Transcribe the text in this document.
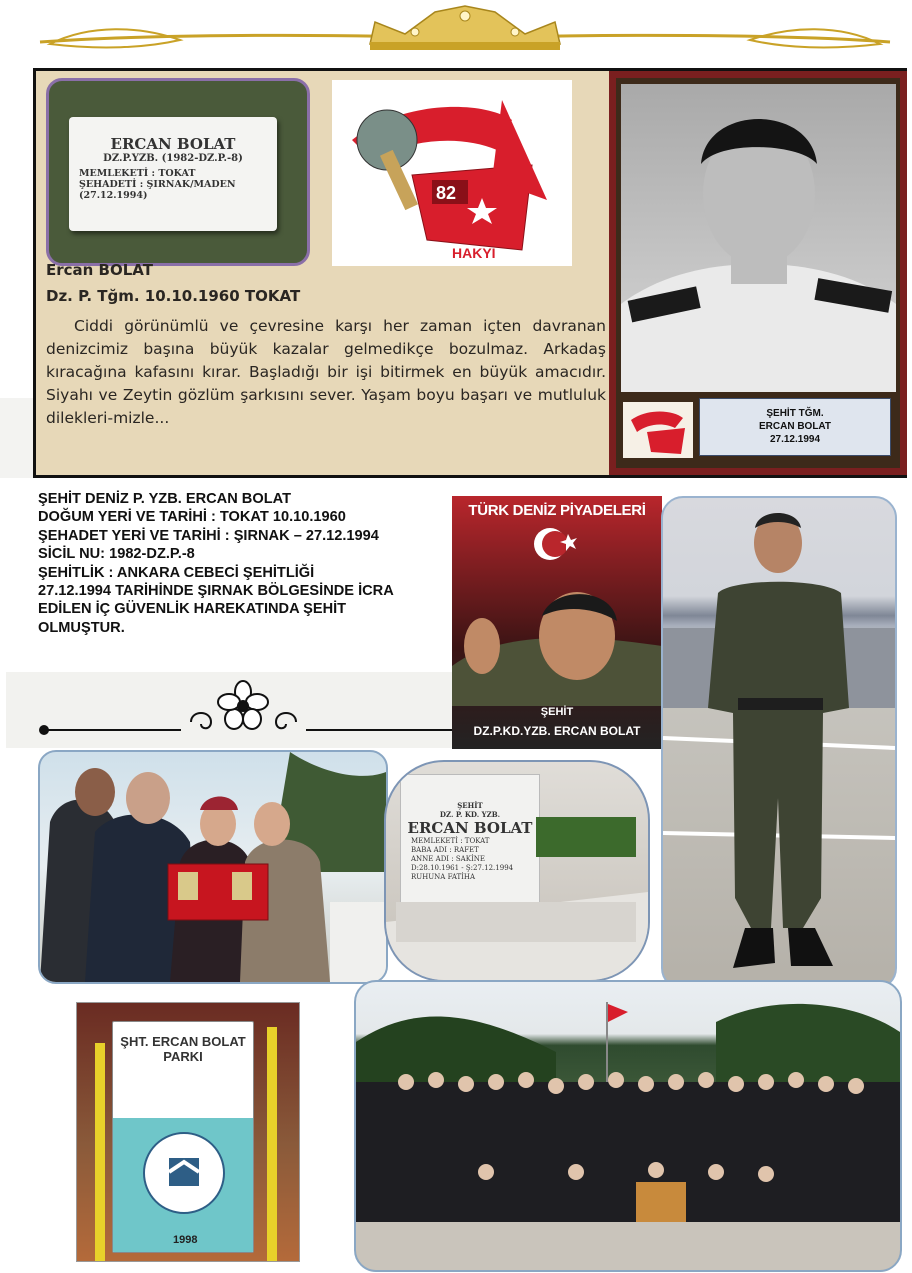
ERCAN BOLAT
DZ.P.YZB. (1982-DZ.P.-8)
MEMLEKETİ : TOKAT
ŞEHADETİ : ŞIRNAK/MADEN (27.12.1994)	82
HAKYI

Ercan BOLAT

Dz. P. Tğm. 10.10.1960 TOKAT

Ciddi görünümlü ve çevresine karşı her zaman içten davranan denizcimiz başına büyük kazalar gelmedikçe bozulmaz. Arkadaş kıracağına kafasını kırar. Başladığı bir işi bitirmek en büyük amacıdır. Siyahı ve Zeytin gözlüm şarkısını sever. Yaşam boyu başarı ve mutluluk dilekleri-mizle...	ŞEHİT TĞM.
ERCAN BOLAT
27.12.1994
ŞEHİT DENİZ P. YZB. ERCAN BOLAT
DOĞUM YERİ VE TARİHİ : TOKAT 10.10.1960
ŞEHADET YERİ VE TARİHİ : ŞIRNAK – 27.12.1994
SİCİL NU: 1982-DZ.P.-8
ŞEHİTLİK : ANKARA CEBECİ ŞEHİTLİĞİ
27.12.1994 TARİHİNDE ŞIRNAK BÖLGESİNDE İCRA
EDİLEN İÇ GÜVENLİK HAREKATINDA ŞEHİT
OLMUŞTUR.
TÜRK DENİZ PİYADELERİ
ŞEHİT
DZ.P.KD.YZB. ERCAN BOLAT
ŞEHİT
DZ. P. KD. YZB.
ERCAN BOLAT
MEMLEKETİ : TOKAT
BABA ADI : RAFET
ANNE ADI : SAKİNE
D:28.10.1961 - Ş:27.12.1994
RUHUNA FATİHA
ŞHT. ERCAN BOLAT
PARKI
1998
